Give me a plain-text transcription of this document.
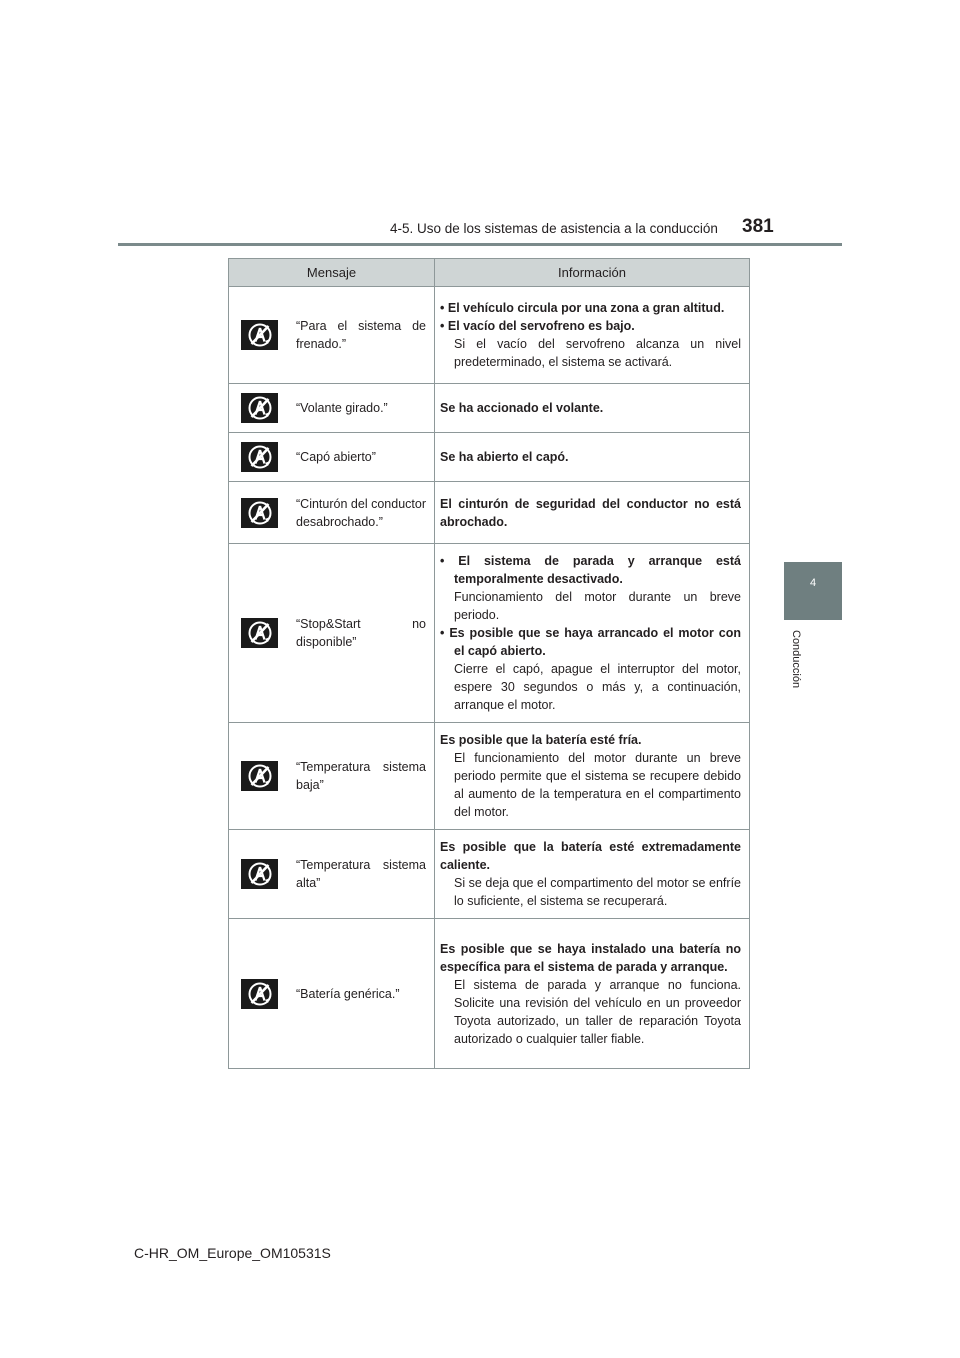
4-5. Uso de los sistemas de asistencia a la conducción 381
4
Conducción
Mensaje	Información

“Para el sistema de frenado.”	• El vehículo circula por una zona a gran altitud.
• El vacío del servofreno es bajo.
Si el vacío del servofreno alcanza un nivel predeterminado, el sistema se activará.

“Volante girado.”	Se ha accionado el volante.

“Capó abierto”	Se ha abierto el capó.

“Cinturón del conductor desabrochado.”	El cinturón de seguridad del conductor no está abrochado.

“Stop&Start no disponible”	• El sistema de parada y arranque está temporalmente desactivado.
Funcionamiento del motor durante un breve periodo.
• Es posible que se haya arrancado el motor con el capó abierto.
Cierre el capó, apague el interruptor del motor, espere 30 segundos o más y, a continuación, arranque el motor.

“Temperatura sistema baja”	Es posible que la batería esté fría.
El funcionamiento del motor durante un breve periodo permite que el sistema se recupere debido al aumento de la temperatura en el compartimento del motor.

“Temperatura sistema alta”	Es posible que la batería esté extremadamente caliente.
Si se deja que el compartimento del motor se enfríe lo suficiente, el sistema se recuperará.

“Batería genérica.”	Es posible que se haya instalado una batería no específica para el sistema de parada y arranque.
El sistema de parada y arranque no funciona. Solicite una revisión del vehículo en un proveedor Toyota autorizado, un taller de reparación Toyota autorizado o cualquier taller fiable.
C-HR_OM_Europe_OM10531S
